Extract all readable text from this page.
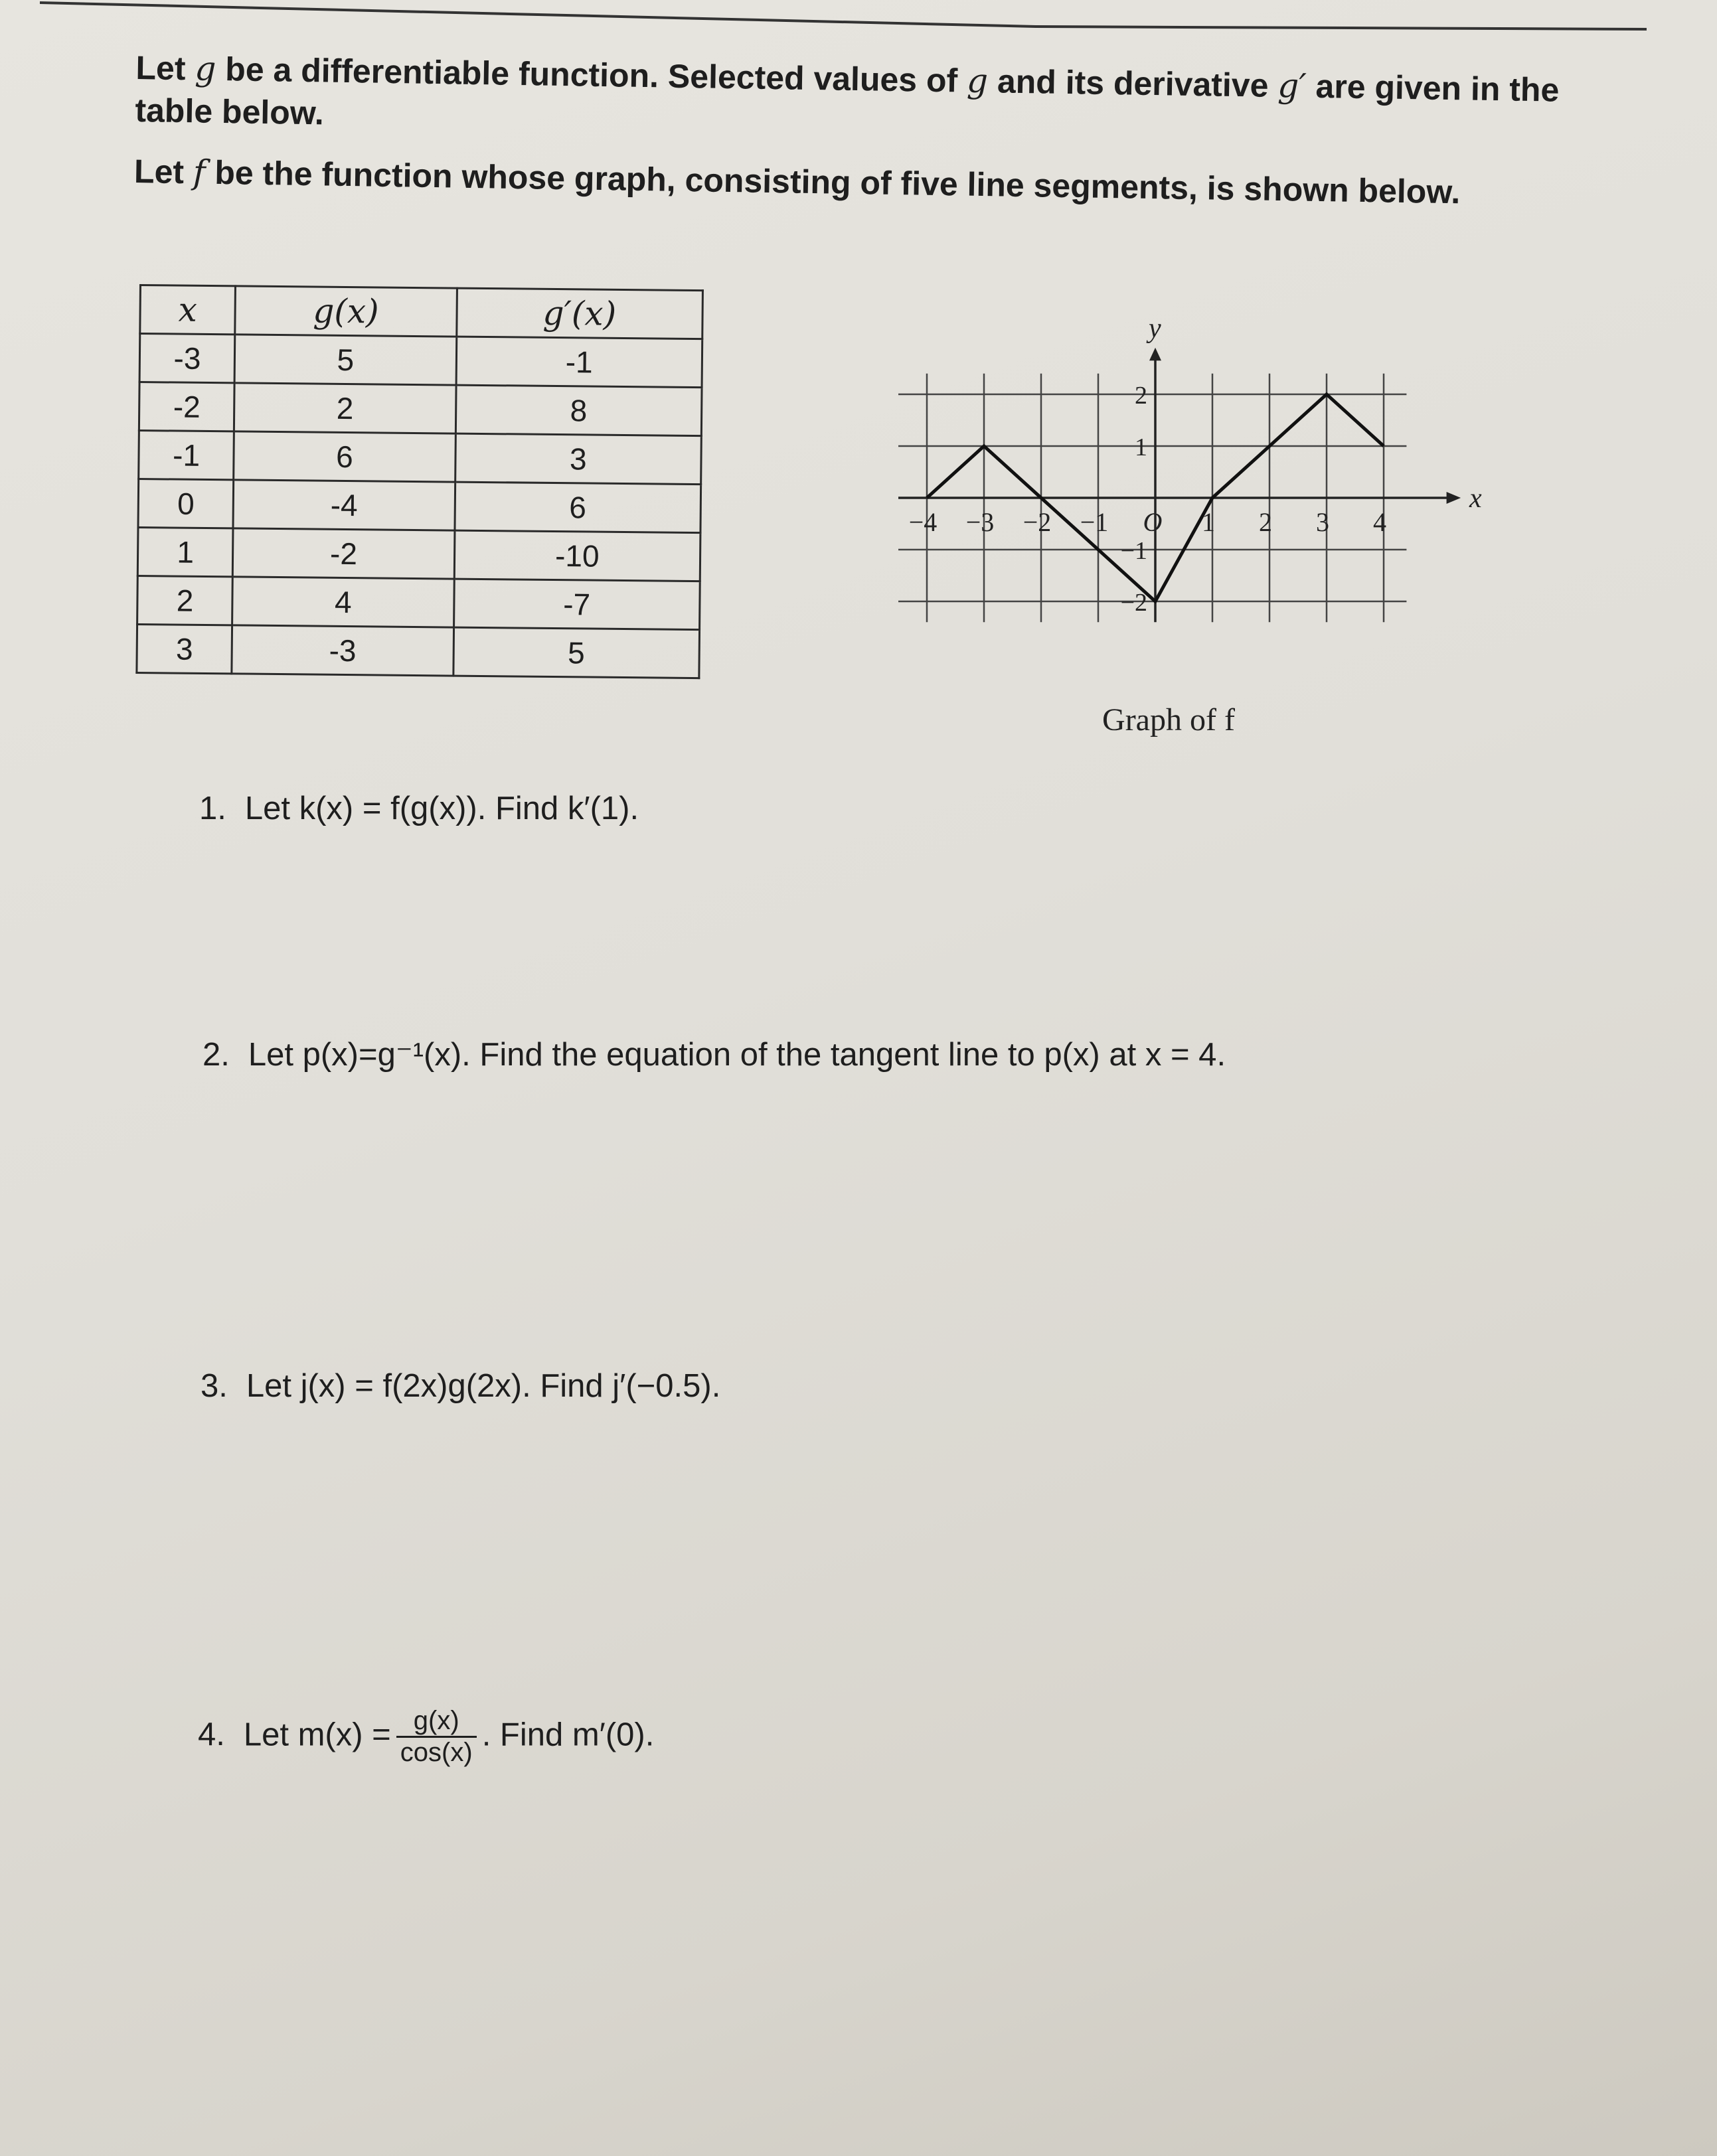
Let g be a differentiable function. Selected values of g and its derivative g′ are given in the table below.

Let f be the function whose graph, consisting of five line segments, is shown below.

x	g(x)	g′(x)
-3	5	-1
-2	2	8
-1	6	3
0	-4	6
1	-2	-10
2	4	-7
3	-3	5
x
y
−4 −3 −2 −1 O 1 2 3 4
2
1
−1
−2
Graph of f
1. Let k(x) = f(g(x)). Find k′(1).
2. Let p(x)=g⁻¹(x). Find the equation of the tangent line to p(x) at x = 4.
3. Let j(x) = f(2x)g(2x). Find j′(−0.5).
4. Let $m(x) = \frac{g(x)}{\cos(x)}$ . Find m′(0).
